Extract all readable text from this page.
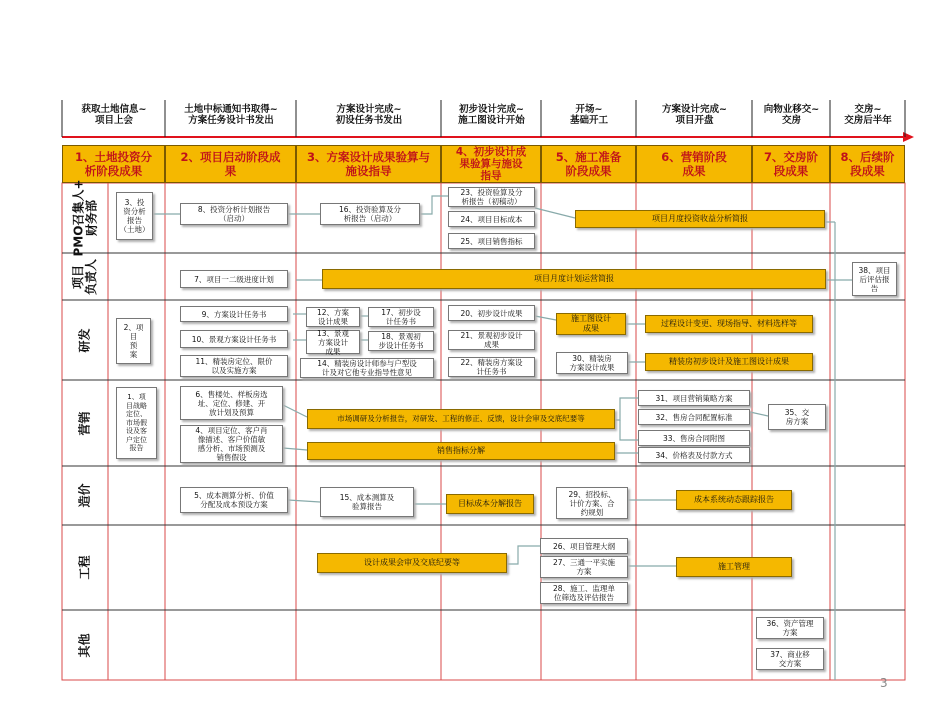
获取土地信息~
项目上会
土地中标通知书取得~
方案任务设计书发出
方案设计完成~
初设任务书发出
初步设计完成~
施工图设计开始
开场~
基础开工
方案设计完成~
项目开盘
向物业移交~
交房
交房~
交房后半年
1、土地投资分
析阶段成果
2、项目启动阶段成
果
3、方案设计成果验算与
施设指导
4、初步设计成
果验算与施设
指导
5、施工准备
阶段成果
6、营销阶段
成果
7、交房阶
段成果
8、后续阶
段成果
PMO召集人+
财务部
项目
负责人
研发
营销
造价
工程
其他
3、投
资分析
报告
（土地）
8、投资分析计划报告
（启动）
16、投资验算及分
析报告（启动）
23、投资验算及分
析报告（初稿动）
24、项目目标成本
25、项目销售指标
项目月度投资收益分析简报
7、项目一二级进度计划	项目月度计划运营简报
38、项目
后评估报
告
2、项
目
预
案
9、方案设计任务书
10、景观方案设计任务书
11、精装房定位、限价
以及实施方案
12、方案
设计成果
17、初步设
计任务书
13、景观
方案设计
成果
18、景观初
步设计任务书
14、精装房设计师参与户型设
计及对它他专业指导性意见
20、初步设计成果
21、景观初步设计
成果
22、精装房方案设
计任务书
施工图设计
成果
30、精装房
方案设计成果
过程设计变更、现场指导、材料选样等
精装房初步设计及施工图设计成果
1、项
目战略
定位、
市场假
设及客
户定位
报告
6、售楼处、样板房选
址、定位、修建、开
放计划及预算
4、项目定位、客户肖
像描述、客户价值敏
感分析、市场预测及
销售假设
市场调研及分析报告，对研发、工程的修正、反馈，设计会审及交底纪要等
销售指标分解
31、项目营销策略方案
32、售房合同配置标准
33、售房合同附图
34、价格表及付款方式
35、交
房方案
5、成本测算分析、价值
分配及成本预设方案
15、成本测算及
验算报告	目标成本分解报告
29、招投标、
计价方案、合
约规划
成本系统动态跟踪报告
设计成果会审及交底纪要等
26、项目管理大纲
27、三通一平实施
方案
28、施工、监理单
位筛选及评估报告
施工管理
36、资产管理
方案
37、商业移
交方案
3
